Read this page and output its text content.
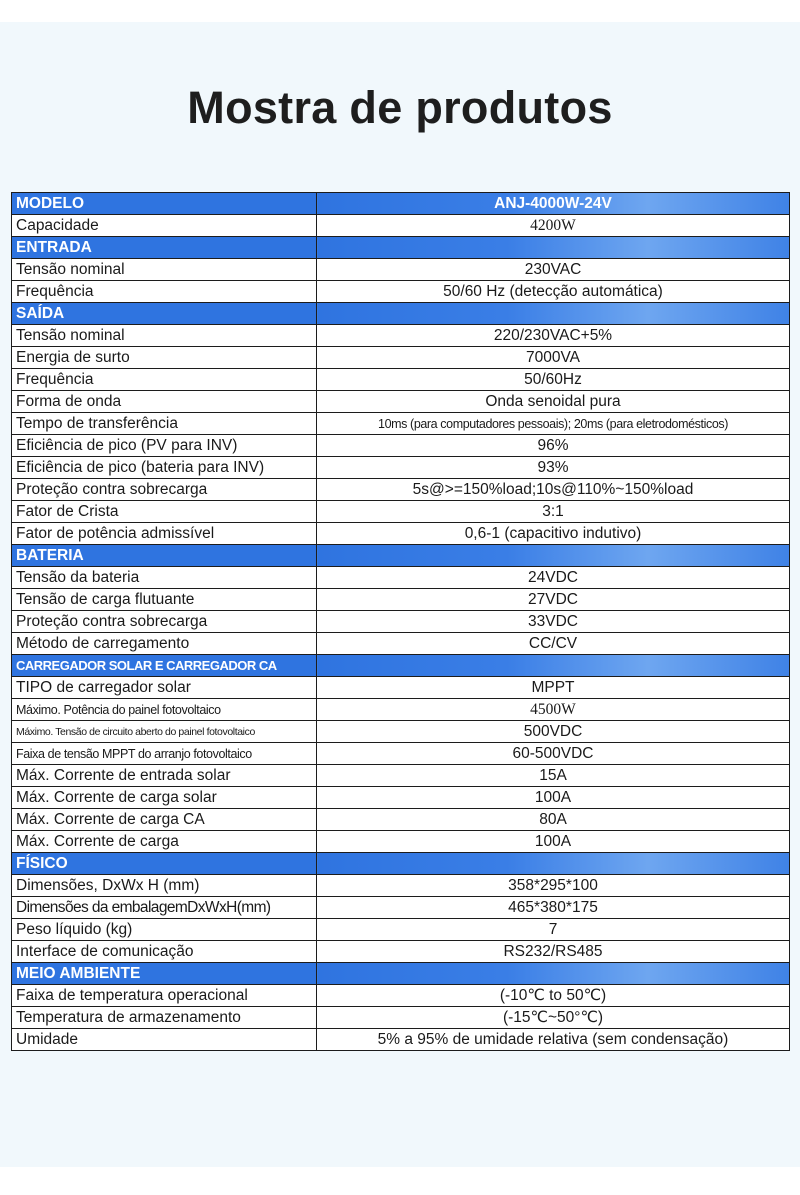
Mostra de produtos
MODELO	ANJ-4000W-24V
Capacidade	4200W
ENTRADA	
Tensão nominal	230VAC
Frequência	50/60 Hz (detecção automática)
SAÍDA	
Tensão nominal	220/230VAC+5%
Energia de surto	7000VA
Frequência	50/60Hz
Forma de onda	Onda senoidal pura
Tempo de transferência	10ms (para computadores pessoais); 20ms (para eletrodomésticos)
Eficiência de pico (PV para INV)	96%
Eficiência de pico (bateria para INV)	93%
Proteção contra sobrecarga	5s@>=150%load;10s@110%~150%load
Fator de Crista	3:1
Fator de potência admissível	0,6-1 (capacitivo indutivo)
BATERIA	
Tensão da bateria	24VDC
Tensão de carga flutuante	27VDC
Proteção contra sobrecarga	33VDC
Método de carregamento	CC/CV
CARREGADOR SOLAR E CARREGADOR CA	
TIPO de carregador solar	MPPT
Máximo. Potência do painel fotovoltaico	4500W
Máximo. Tensão de circuito aberto do painel fotovoltaico	500VDC
Faixa de tensão MPPT do arranjo fotovoltaico	60-500VDC
Máx. Corrente de entrada solar	15A
Máx. Corrente de carga solar	100A
Máx. Corrente de carga CA	80A
Máx. Corrente de carga	100A
FÍSICO	
Dimensões, DxWx H (mm)	358*295*100
Dimensões da embalagemDxWxH(mm)	465*380*175
Peso líquido (kg)	7
Interface de comunicação	RS232/RS485
MEIO AMBIENTE	
Faixa de temperatura operacional	(-10℃ to 50℃)
Temperatura de armazenamento	(-15℃~50°℃)
Umidade	5% a 95% de umidade relativa (sem condensação)
